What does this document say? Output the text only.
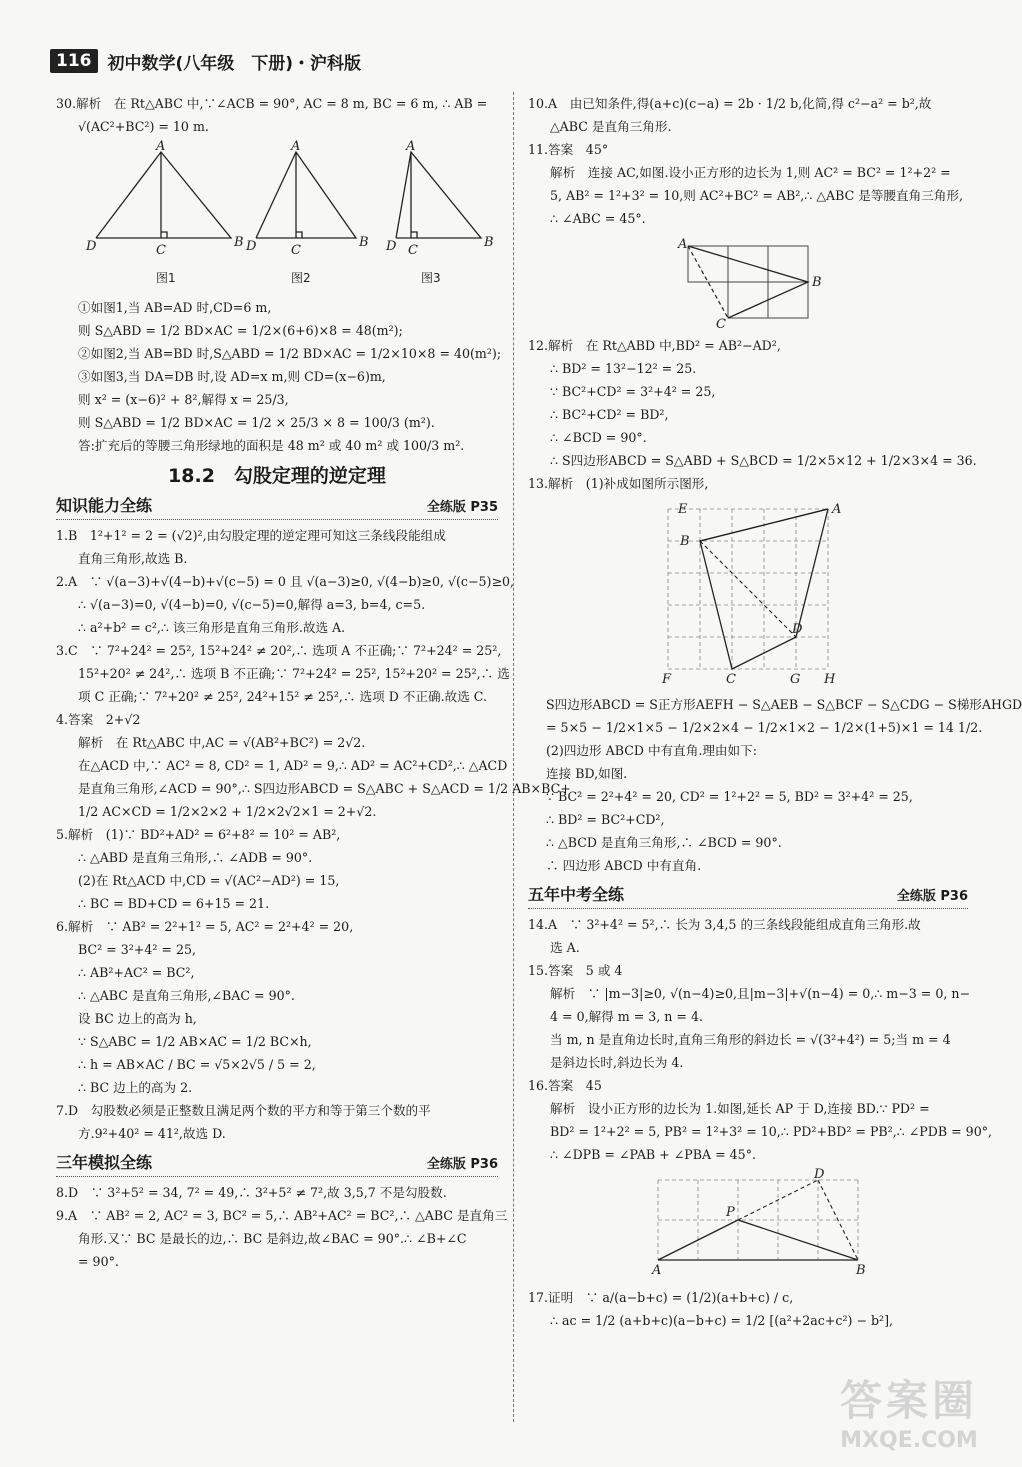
116 初中数学(八年级　下册)・沪科版
30.解析　在 Rt△ABC 中,∵∠ACB = 90°, AC = 8 m, BC = 6 m, ∴ AB =
√(AC²+BC²) = 10 m.
A
D	C
B
A
D	C
B
A
D C
B
图1	图2	图3
①如图1,当 AB=AD 时,CD=6 m,
则 S△ABD = 1/2 BD×AC = 1/2×(6+6)×8 = 48(m²);
②如图2,当 AB=BD 时,S△ABD = 1/2 BD×AC = 1/2×10×8 = 40(m²);
③如图3,当 DA=DB 时,设 AD=x m,则 CD=(x−6)m,
则 x² = (x−6)² + 8²,解得 x = 25/3,
则 S△ABD = 1/2 BD×AC = 1/2 × 25/3 × 8 = 100/3 (m²).
答:扩充后的等腰三角形绿地的面积是 48 m² 或 40 m² 或 100/3 m².
18.2　勾股定理的逆定理
知识能力全练	全练版 P35
1.B　1²+1² = 2 = (√2)²,由勾股定理的逆定理可知这三条线段能组成
直角三角形,故选 B.
2.A　∵ √(a−3)+√(4−b)+√(c−5) = 0 且 √(a−3)≥0, √(4−b)≥0, √(c−5)≥0,
∴ √(a−3)=0, √(4−b)=0, √(c−5)=0,解得 a=3, b=4, c=5.
∴ a²+b² = c²,∴ 该三角形是直角三角形.故选 A.
3.C　∵ 7²+24² = 25², 15²+24² ≠ 20²,∴ 选项 A 不正确;∵ 7²+24² = 25²,
15²+20² ≠ 24²,∴ 选项 B 不正确;∵ 7²+24² = 25², 15²+20² = 25²,∴ 选
项 C 正确;∵ 7²+20² ≠ 25², 24²+15² ≠ 25²,∴ 选项 D 不正确.故选 C.
4.答案　2+√2
解析　在 Rt△ABC 中,AC = √(AB²+BC²) = 2√2.
在△ACD 中,∵ AC² = 8, CD² = 1, AD² = 9,∴ AD² = AC²+CD²,∴ △ACD
是直角三角形,∠ACD = 90°,∴ S四边形ABCD = S△ABC + S△ACD = 1/2 AB×BC+
1/2 AC×CD = 1/2×2×2 + 1/2×2√2×1 = 2+√2.
5.解析　(1)∵ BD²+AD² = 6²+8² = 10² = AB²,
∴ △ABD 是直角三角形,∴ ∠ADB = 90°.
(2)在 Rt△ACD 中,CD = √(AC²−AD²) = 15,
∴ BC = BD+CD = 6+15 = 21.
6.解析　∵ AB² = 2²+1² = 5, AC² = 2²+4² = 20,
BC² = 3²+4² = 25,
∴ AB²+AC² = BC²,
∴ △ABC 是直角三角形,∠BAC = 90°.
设 BC 边上的高为 h,
∵ S△ABC = 1/2 AB×AC = 1/2 BC×h,
∴ h = AB×AC / BC = √5×2√5 / 5 = 2,
∴ BC 边上的高为 2.
7.D　勾股数必须是正整数且满足两个数的平方和等于第三个数的平
方.9²+40² = 41²,故选 D.
三年模拟全练	全练版 P36
8.D　∵ 3²+5² = 34, 7² = 49,∴ 3²+5² ≠ 7²,故 3,5,7 不是勾股数.
9.A　∵ AB² = 2, AC² = 3, BC² = 5,∴ AB²+AC² = BC²,∴ △ABC 是直角三
角形.又∵ BC 是最长的边,∴ BC 是斜边,故∠BAC = 90°.∴ ∠B+∠C
= 90°.
10.A　由已知条件,得(a+c)(c−a) = 2b · 1/2 b,化简,得 c²−a² = b²,故
△ABC 是直角三角形.
11.答案　45°
解析　连接 AC,如图.设小正方形的边长为 1,则 AC² = BC² = 1²+2² =
5, AB² = 1²+3² = 10,则 AC²+BC² = AB²,∴ △ABC 是等腰直角三角形,
∴ ∠ABC = 45°.
A
B
C
12.解析　在 Rt△ABD 中,BD² = AB²−AD²,
∴ BD² = 13²−12² = 25.
∵ BC²+CD² = 3²+4² = 25,
∴ BC²+CD² = BD²,
∴ ∠BCD = 90°.
∴ S四边形ABCD = S△ABD + S△BCD = 1/2×5×12 + 1/2×3×4 = 36.
13.解析　(1)补成如图所示图形,
E	A
B
D
F	C	G H
S四边形ABCD = S正方形AEFH − S△AEB − S△BCF − S△CDG − S梯形AHGD
= 5×5 − 1/2×1×5 − 1/2×2×4 − 1/2×1×2 − 1/2×(1+5)×1 = 14 1/2.
(2)四边形 ABCD 中有直角.理由如下:
连接 BD,如图.
∵ BC² = 2²+4² = 20, CD² = 1²+2² = 5, BD² = 3²+4² = 25,
∴ BD² = BC²+CD²,
∴ △BCD 是直角三角形,∴ ∠BCD = 90°.
∴ 四边形 ABCD 中有直角.
五年中考全练	全练版 P36
14.A　∵ 3²+4² = 5²,∴ 长为 3,4,5 的三条线段能组成直角三角形.故
选 A.
15.答案　5 或 4
解析　∵ |m−3|≥0, √(n−4)≥0,且|m−3|+√(n−4) = 0,∴ m−3 = 0, n−
4 = 0,解得 m = 3, n = 4.
当 m, n 是直角边长时,直角三角形的斜边长 = √(3²+4²) = 5;当 m = 4
是斜边长时,斜边长为 4.
16.答案　45
解析　设小正方形的边长为 1.如图,延长 AP 于 D,连接 BD.∵ PD² =
BD² = 1²+2² = 5, PB² = 1²+3² = 10,∴ PD²+BD² = PB²,∴ ∠PDB = 90°,
∴ ∠DPB = ∠PAB + ∠PBA = 45°.
D
P
A	B
17.证明　∵ a/(a−b+c) = (1/2)(a+b+c) / c,
∴ ac = 1/2 (a+b+c)(a−b+c) = 1/2 [(a²+2ac+c²) − b²],
答案圈
MXQE.COM
